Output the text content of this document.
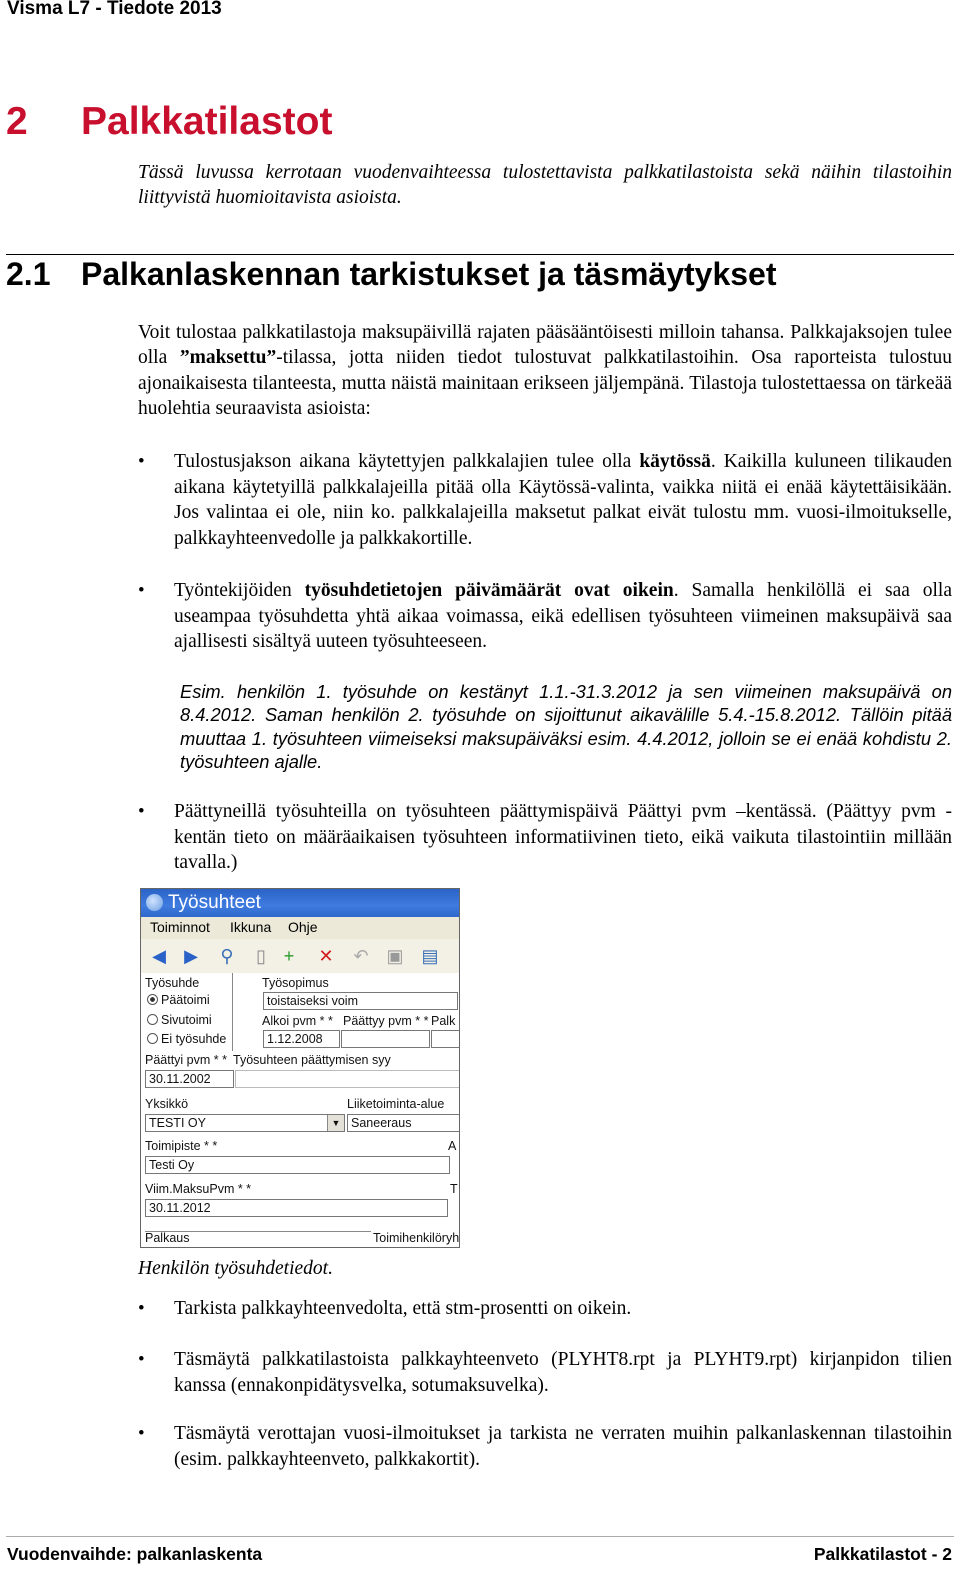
Visma L7 - Tiedote 2013
2 Palkkatilastot
Tässä luvussa kerrotaan vuodenvaihteessa tulostettavista palkkatilastoista sekä näihin tilastoihin liittyvistä huomioitavista asioista.
2.1 Palkanlaskennan tarkistukset ja täsmäytykset
Voit tulostaa palkkatilastoja maksupäivillä rajaten pääsääntöisesti milloin tahansa. Palkkajaksojen tulee olla ”maksettu”-tilassa, jotta niiden tiedot tulostuvat palkkatilastoihin. Osa raporteista tulostuu ajonaikaisesta tilanteesta, mutta näistä mainitaan erikseen jäljempänä. Tilastoja tulostettaessa on tärkeää huolehtia seuraavista asioista:
• Tulostusjakson aikana käytettyjen palkkalajien tulee olla käytössä. Kaikilla kuluneen tilikauden aikana käytetyillä palkkalajeilla pitää olla Käytössä-valinta, vaikka niitä ei enää käytettäisikään. Jos valintaa ei ole, niin ko. palkkalajeilla maksetut palkat eivät tulostu mm. vuosi-ilmoitukselle, palkkayhteenvedolle ja palkkakortille.
• Työntekijöiden työsuhdetietojen päivämäärät ovat oikein. Samalla henkilöllä ei saa olla useampaa työsuhdetta yhtä aikaa voimassa, eikä edellisen työsuhteen viimeinen maksupäivä saa ajallisesti sisältyä uuteen työsuhteeseen.
Esim. henkilön 1. työsuhde on kestänyt 1.1.-31.3.2012 ja sen viimeinen maksupäivä on 8.4.2012. Saman henkilön 2. työsuhde on sijoittunut aikavälille 5.4.-15.8.2012. Tällöin pitää muuttaa 1. työsuhteen viimeiseksi maksupäiväksi esim. 4.4.2012, jolloin se ei enää kohdistu 2. työsuhteen ajalle.
• Päättyneillä työsuhteilla on työsuhteen päättymispäivä Päättyi pvm –kentässä. (Päättyy pvm -kentän tieto on määräaikaisen työsuhteen informatiivinen tieto, eikä vaikuta tilastointiin millään tavalla.)
Työsuhteet
Toiminnot Ikkuna Ohje
◀ ▶ ⚲ ▯ + ✕ ↶ ▣ ▤
Työsuhde
Päätoimi
Sivutoimi
Ei työsuhde
Työsopimus
toistaiseksi voim
Alkoi pvm * * Päättyy pvm * * Palk
1.12.2008
Päättyi pvm * * Työsuhteen päättymisen syy
30.11.2002
Yksikkö	Liiketoiminta-alue
TESTI OY	▼ Saneeraus
Toimipiste * *	A
Testi Oy
Viim.MaksuPvm * *	T
30.11.2012
Palkaus	Toimihenkilöryh
Henkilön työsuhdetiedot.
• Tarkista palkkayhteenvedolta, että stm-prosentti on oikein.
• Täsmäytä palkkatilastoista palkkayhteenveto (PLYHT8.rpt ja PLYHT9.rpt) kirjanpidon tilien kanssa (ennakonpidätysvelka, sotumaksuvelka).
• Täsmäytä verottajan vuosi-ilmoitukset ja tarkista ne verraten muihin palkanlaskennan tilastoihin (esim. palkkayhteenveto, palkkakortit).
Vuodenvaihde: palkanlaskenta	Palkkatilastot - 2
